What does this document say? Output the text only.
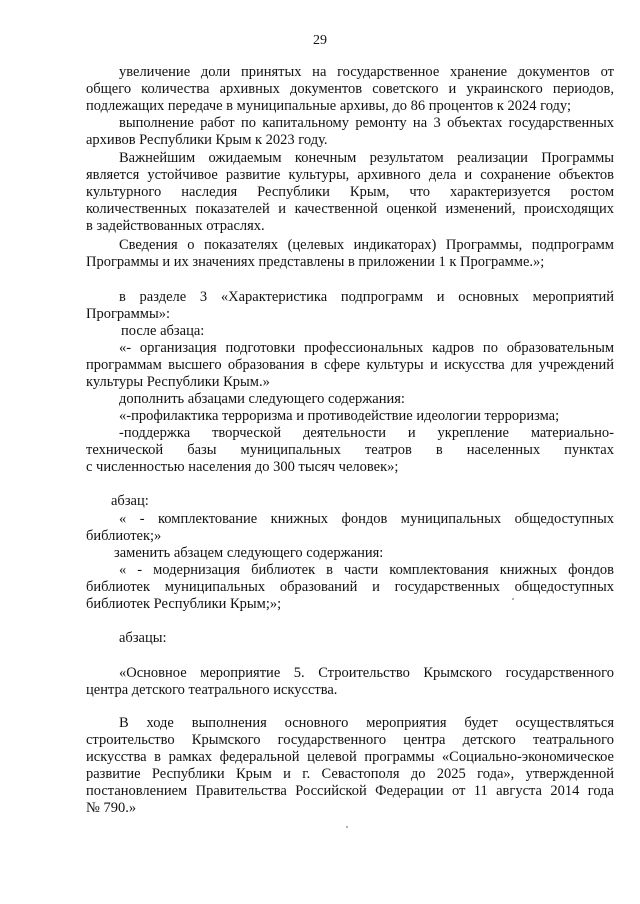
29
увеличение доли принятых на государственное хранение документов от
общего количества архивных документов советского и украинского периодов,
подлежащих передаче в муниципальные архивы, до 86 процентов к 2024 году;
выполнение работ по капитальному ремонту на 3 объектах государственных
архивов Республики Крым к 2023 году.
Важнейшим ожидаемым конечным результатом реализации Программы
является устойчивое развитие культуры, архивного дела и сохранение объектов
культурного наследия Республики Крым, что характеризуется ростом
количественных показателей и качественной оценкой изменений, происходящих
в задействованных отраслях.
Сведения о показателях (целевых индикаторах) Программы, подпрограмм
Программы и их значениях представлены в приложении 1 к Программе.»;
в разделе 3 «Характеристика подпрограмм и основных мероприятий
Программы»:
после абзаца:
«- организация подготовки профессиональных кадров по образовательным
программам высшего образования в сфере культуры и искусства для учреждений
культуры Республики Крым.»
дополнить абзацами следующего содержания:
«-профилактика терроризма и противодействие идеологии терроризма;
-поддержка творческой деятельности и укрепление материально-
технической базы муниципальных театров в населенных пунктах
с численностью населения до 300 тысяч человек»;
абзац:
« - комплектование книжных фондов муниципальных общедоступных
библиотек;»
заменить абзацем следующего содержания:
« - модернизация библиотек в части комплектования книжных фондов
библиотек муниципальных образований и государственных общедоступных
библиотек Республики Крым;»;
абзацы:
«Основное мероприятие 5. Строительство Крымского государственного
центра детского театрального искусства.
В ходе выполнения основного мероприятия будет осуществляться
строительство Крымского государственного центра детского театрального
искусства в рамках федеральной целевой программы «Социально-экономическое
развитие Республики Крым и г. Севастополя до 2025 года», утвержденной
постановлением Правительства Российской Федерации от 11 августа 2014 года
№ 790.»
